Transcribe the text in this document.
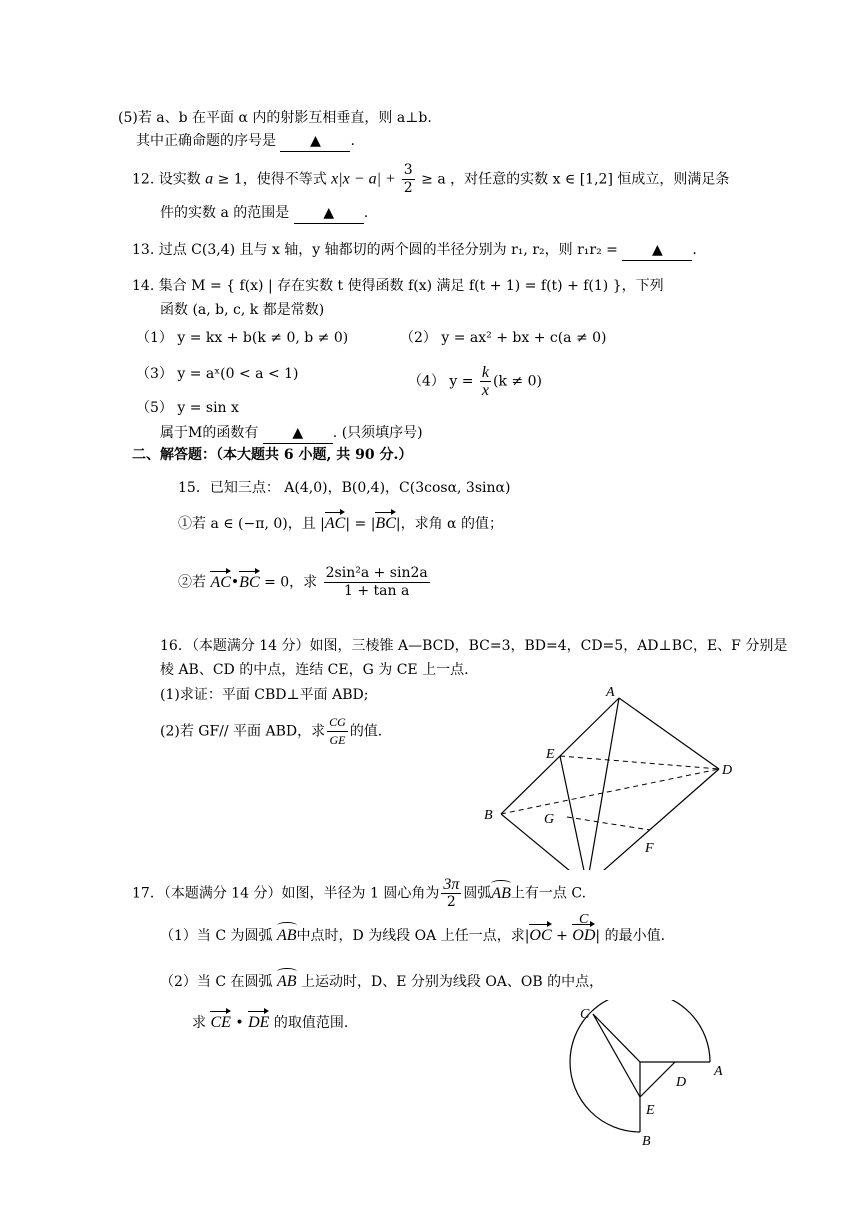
(5)若 a、b 在平面 α 内的射影互相垂直，则 a⊥b.
其中正确命题的序号是 ▲ .
12. 设实数 a ≥ 1，使得不等式 $x|x - a| + \frac{3}{2} \ge a$ ，对任意的实数 x ∈ [1,2] 恒成立，则满足条
件的实数 a 的范围是 ▲ .
13. 过点 C(3,4) 且与 x 轴，y 轴都切的两个圆的半径分别为 r₁, r₂，则 r₁r₂ = ▲ .
14. 集合 M = { f(x) | 存在实数 t 使得函数 f(x) 满足 f(t + 1) = f(t) + f(1) }，下列
函数 (a, b, c, k 都是常数)
（1） y = kx + b(k ≠ 0, b ≠ 0)	（2） y = ax² + bx + c(a ≠ 0)
（3） y = aˣ(0 < a < 1)	（4） $y = \frac{k}{x} (k \ne 0)$
（5） y = sin x
属于M的函数有 ▲ . (只须填序号)
二、解答题：（本大题共 6 小题, 共 90 分.）
15．已知三点： A(4,0)，B(0,4)，C(3cosα, 3sinα)
①若 a ∈ (−π, 0)，且 |AC| = |BC|，求角 α 的值；
②若 AC•BC = 0，求 $\frac{\text{2sin²a + sin2a}}{\text{1 + tan a}}$
16．（本题满分 14 分）如图，三棱锥 A—BCD，BC=3，BD=4，CD=5，AD⊥BC，E、F 分别是
棱 AB、CD 的中点，连结 CE，G 为 CE 上一点.
(1)求证：平面 CBD⊥平面 ABD;
(2)若 GF// 平面 ABD，求 $\frac{CG}{GE}$ 的值.
A
B
D
E
F
G
C
17．（本题满分 14 分）如图，半径为 1 圆心角为 $\frac{3\pi}{2}$ 圆弧AB上有一点 C.
（1）当 C 为圆弧 AB中点时，D 为线段 OA 上任一点，求|OC + OD| 的最小值.
（2）当 C 在圆弧 AB 上运动时，D、E 分别为线段 OA、OB 的中点，
求 CE • DE 的取值范围.
C
A
D
E
B
